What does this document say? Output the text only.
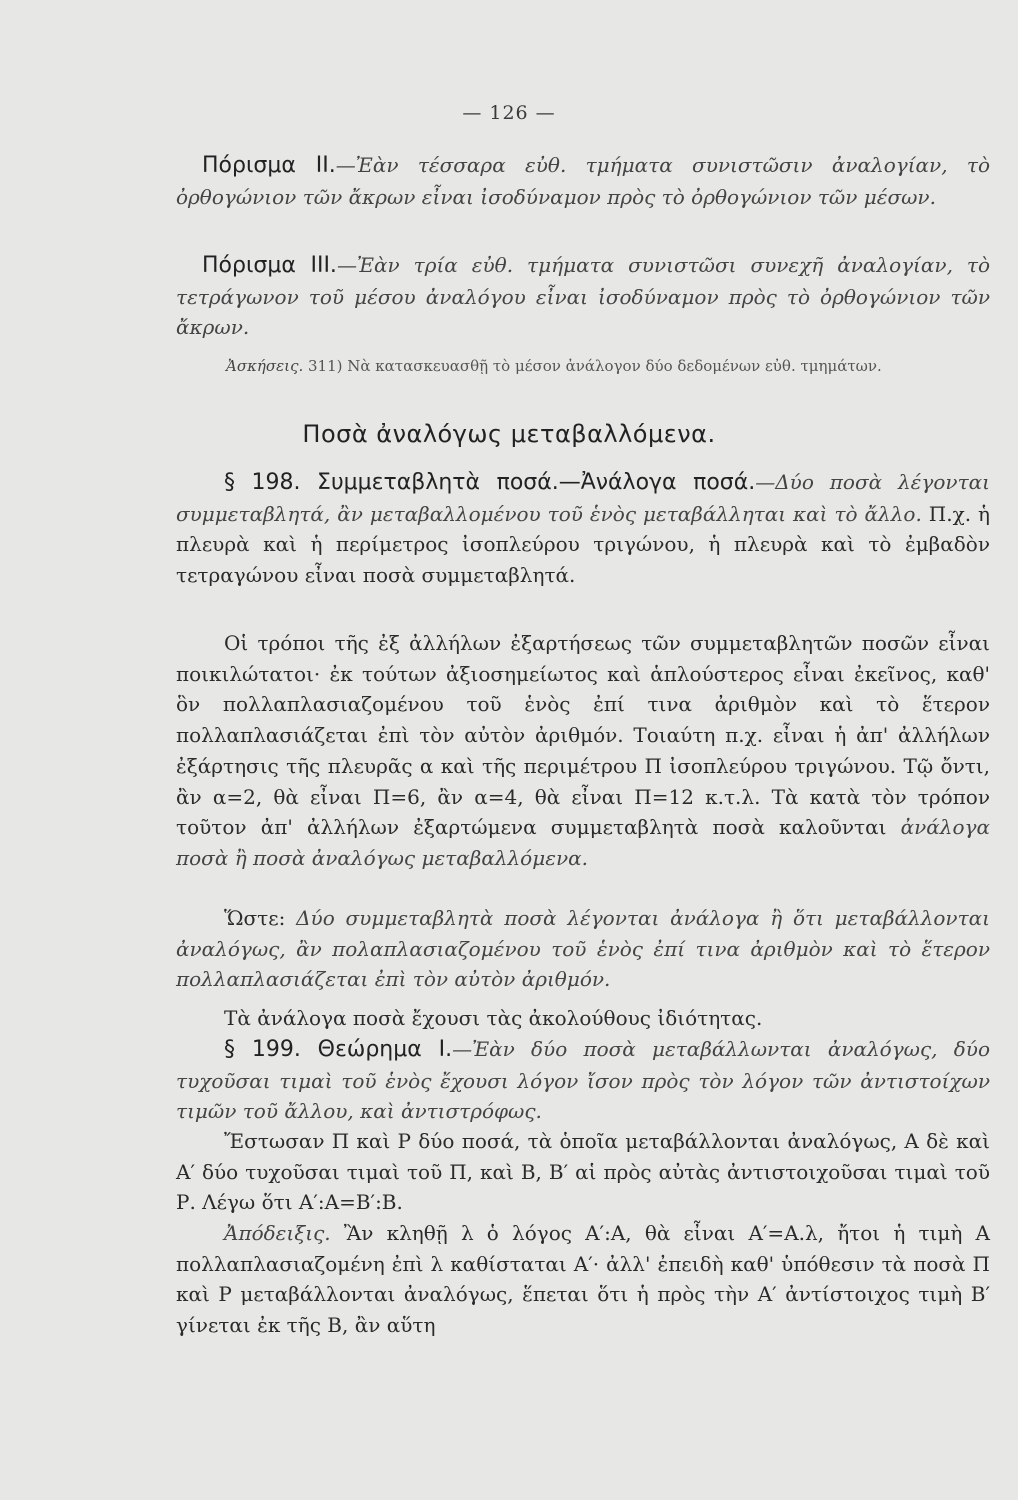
— 126 —
Πόρισμα ΙΙ.—Ἐὰν τέσσαρα εὐθ. τμήματα συνιστῶσιν ἀναλογίαν, τὸ ὀρθογώνιον τῶν ἄκρων εἶναι ἰσοδύναμον πρὸς τὸ ὀρθογώνιον τῶν μέσων.
Πόρισμα ΙΙΙ.—Ἐὰν τρία εὐθ. τμήματα συνιστῶσι συνεχῆ ἀναλογίαν, τὸ τετράγωνον τοῦ μέσου ἀναλόγου εἶναι ἰσοδύναμον πρὸς τὸ ὀρθογώνιον τῶν ἄκρων.
Ἀσκήσεις. 311) Νὰ κατασκευασθῇ τὸ μέσον ἀνάλογον δύο δεδομένων εὐθ. τμημάτων.
Ποσὰ ἀναλόγως μεταβαλλόμενα.
§ 198. Συμμεταβλητὰ ποσά.—Ἀνάλογα ποσά.—Δύο ποσὰ λέγονται συμμεταβλητά, ἂν μεταβαλλομένου τοῦ ἑνὸς μεταβάλληται καὶ τὸ ἄλλο. Π.χ. ἡ πλευρὰ καὶ ἡ περίμετρος ἰσοπλεύρου τριγώνου, ἡ πλευρὰ καὶ τὸ ἐμβαδὸν τετραγώνου εἶναι ποσὰ συμμεταβλητά.
Οἱ τρόποι τῆς ἐξ ἀλλήλων ἐξαρτήσεως τῶν συμμεταβλητῶν ποσῶν εἶναι ποικιλώτατοι· ἐκ τούτων ἀξιοσημείωτος καὶ ἁπλούστερος εἶναι ἐκεῖνος, καθ' ὃν πολλαπλασιαζομένου τοῦ ἑνὸς ἐπί τινα ἀριθμὸν καὶ τὸ ἕτερον πολλαπλασιάζεται ἐπὶ τὸν αὐτὸν ἀριθμόν. Τοιαύτη π.χ. εἶναι ἡ ἀπ' ἀλλήλων ἐξάρτησις τῆς πλευρᾶς α καὶ τῆς περιμέτρου Π ἰσοπλεύρου τριγώνου. Τῷ ὄντι, ἂν α=2, θὰ εἶναι Π=6, ἂν α=4, θὰ εἶναι Π=12 κ.τ.λ. Τὰ κατὰ τὸν τρόπον τοῦτον ἀπ' ἀλλήλων ἐξαρτώμενα συμμεταβλητὰ ποσὰ καλοῦνται ἀνάλογα ποσὰ ἢ ποσὰ ἀναλόγως μεταβαλλόμενα.
Ὥστε: Δύο συμμεταβλητὰ ποσὰ λέγονται ἀνάλογα ἢ ὅτι μεταβάλλονται ἀναλόγως, ἂν πολαπλασιαζομένου τοῦ ἑνὸς ἐπί τινα ἀριθμὸν καὶ τὸ ἕτερον πολλαπλασιάζεται ἐπὶ τὸν αὐτὸν ἀριθμόν.
Τὰ ἀνάλογα ποσὰ ἔχουσι τὰς ἀκολούθους ἰδιότητας.
§ 199. Θεώρημα Ι.—Ἐὰν δύο ποσὰ μεταβάλλωνται ἀναλόγως, δύο τυχοῦσαι τιμαὶ τοῦ ἑνὸς ἔχουσι λόγον ἴσον πρὸς τὸν λόγον τῶν ἀντιστοίχων τιμῶν τοῦ ἄλλου, καὶ ἀντιστρόφως.
Ἔστωσαν Π καὶ Ρ δύο ποσά, τὰ ὁποῖα μεταβάλλονται ἀναλόγως, Α δὲ καὶ Α′ δύο τυχοῦσαι τιμαὶ τοῦ Π, καὶ Β, Β′ αἱ πρὸς αὐτὰς ἀντιστοιχοῦσαι τιμαὶ τοῦ Ρ. Λέγω ὅτι Α′:Α=Β′:Β.
Ἀπόδειξις. Ἂν κληθῇ λ ὁ λόγος Α′:Α, θὰ εἶναι Α′=Α.λ, ἤτοι ἡ τιμὴ Α πολλαπλασιαζομένη ἐπὶ λ καθίσταται Α′· ἀλλ' ἐπειδὴ καθ' ὑπόθεσιν τὰ ποσὰ Π καὶ Ρ μεταβάλλονται ἀναλόγως, ἕπεται ὅτι ἡ πρὸς τὴν Α′ ἀντίστοιχος τιμὴ Β′ γίνεται ἐκ τῆς Β, ἂν αὕτη
